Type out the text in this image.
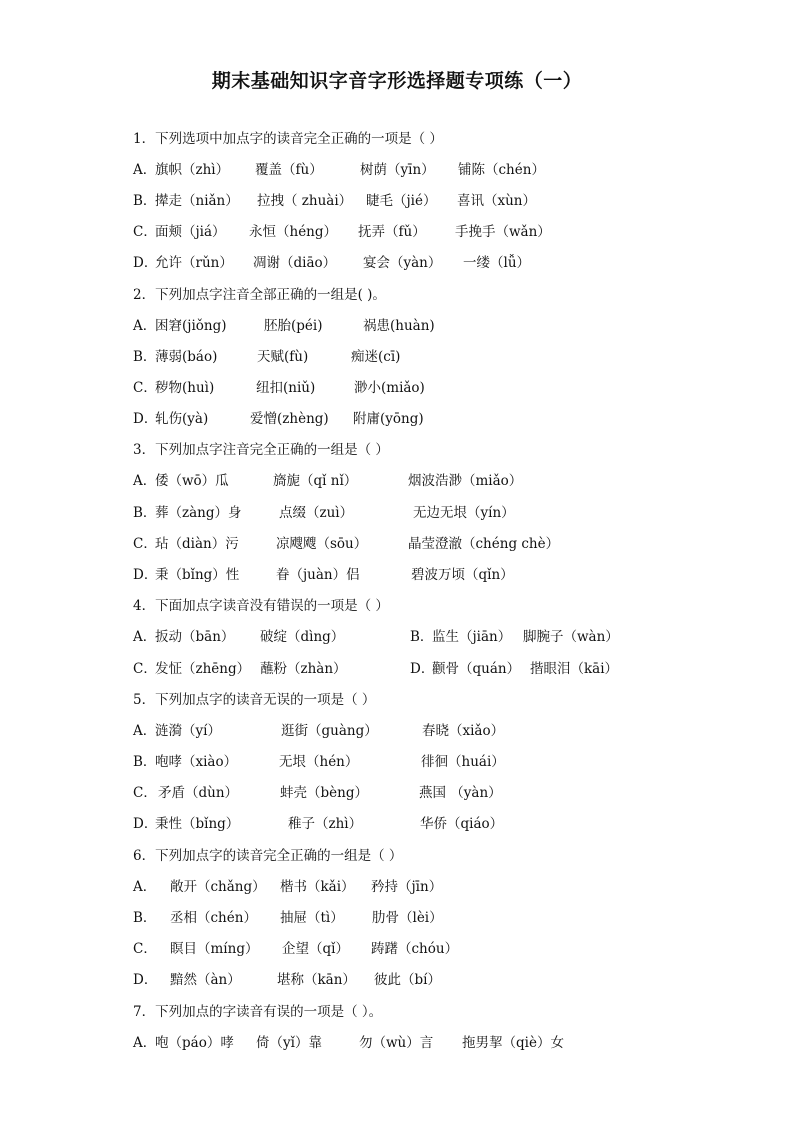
期末基础知识字音字形选择题专项练（一）
1．下列选项中加点字的读音完全正确的一项是（ ）
A．
旗帜（zhì） 覆盖（fù）	树荫（yīn） 铺陈（chén）
B．
撵走（niǎn） 拉拽（ zhuài） 睫毛（jié） 喜讯（xùn）
C．
面颊（jiá） 永恒（héng） 抚弄（fǔ） 手挽手（wǎn）
D．
允许（rǔn） 凋谢（diāo） 宴会（yàn） 一缕（lǚ）
2．下列加点字注音全部正确的一组是( )。
A．
困窘(jiǒng)	胚胎(péi)	祸患(huàn)
B．
薄弱(báo)	天赋(fù)	痴迷(cī)
C．
秽物(huì)	纽扣(niǔ)	渺小(miǎo)
D．
轧伤(yà)	爱憎(zhèng) 附庸(yōng)
3．下列加点字注音完全正确的一组是（ ）
A．
倭（wō）瓜	旖旎（qǐ nǐ）	烟波浩渺（miǎo）
B．
葬（zàng）身	点缀（zuì）	无边无垠（yín）
C．
玷（diàn）污	凉飕飕（sōu）	晶莹澄澈（chéng chè）
D．
秉（bǐng）性	眷（juàn）侣	碧波万顷（qǐn）
4．下面加点字读音没有错误的一项是（ ）
A．
扳动（bān） 破绽（dìng）	B．
监生（jiān） 脚腕子（wàn）
C．
发怔（zhēng） 蘸粉（zhàn）	D．
颧骨（quán） 揩眼泪（kāi）
5．下列加点字的读音无误的一项是（ ）
A．
涟漪（yí）	逛街（guàng）	春晓（xiǎo）
B．
咆哮（xiào）	无垠（hén）	徘徊（huái）
C． 矛盾（dùn）	蚌壳（bèng）	燕国 （yàn）
D．
秉性（bǐng）	稚子（zhì）	华侨（qiáo）
6．下列加点字的读音完全正确的一组是（ ）
A． 敞开（chǎng） 楷书（kǎi） 矜持（jīn）
B． 丞相（chén） 抽屉（tì） 肋骨（lèi）
C． 瞑目（míng） 企望（qǐ） 踌躇（chóu）
D． 黯然（àn）	堪称（kān） 彼此（bí）
7．下列加点的字读音有误的一项是（ ）。
A．
咆（páo）哮 倚（yǐ）靠	勿（wù）言 拖男挈（qiè）女
